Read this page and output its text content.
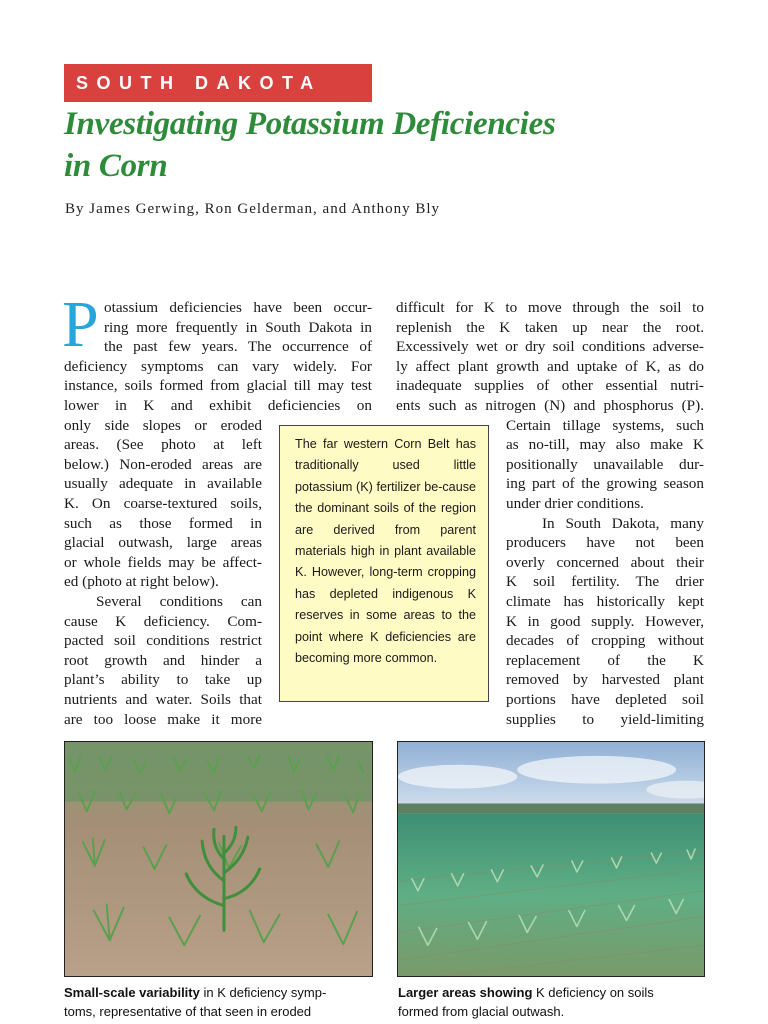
SOUTH DAKOTA
Investigating Potassium Deficiencies
in Corn
By James Gerwing, Ron Gelderman, and Anthony Bly
P otassium deficiencies have been occur-
ring more frequently in South Dakota in
the past few years. The occurrence of
deficiency symptoms can vary widely. For
instance, soils formed from glacial till may test
lower in K and exhibit deficiencies on
only side slopes or eroded
areas. (See photo at left
below.) Non-eroded areas are
usually adequate in available
K. On coarse-textured soils,
such as those formed in
glacial outwash, large areas
or whole fields may be affect-
ed (photo at right below).
Several conditions can
cause K deficiency. Com-
pacted soil conditions restrict
root growth and hinder a
plant’s ability to take up
nutrients and water. Soils that
are too loose make it more
difficult for K to move through the soil to
replenish the K taken up near the root.
Excessively wet or dry soil conditions adverse-
ly affect plant growth and uptake of K, as do
inadequate supplies of other essential nutri-
ents such as nitrogen (N) and phosphorus (P).
Certain tillage systems, such
as no-till, may also make K
positionally unavailable dur-
ing part of the growing season
under drier conditions.
In South Dakota, many
producers have not been
overly concerned about their
K soil fertility. The drier
climate has historically kept
K in good supply. However,
decades of cropping without
replacement of the K
removed by harvested plant
portions have depleted soil
supplies to yield-limiting

The far western Corn Belt has traditionally used little potassium (K) fertilizer be-cause the dominant soils of the region are derived from parent materials high in plant available K. However, long-term cropping has depleted indigenous K reserves in some areas to the point where K deficiencies are becoming more common.

Small-scale variability in K deficiency symp-
toms, representative of that seen in eroded
Larger areas showing K deficiency on soils
formed from glacial outwash.
